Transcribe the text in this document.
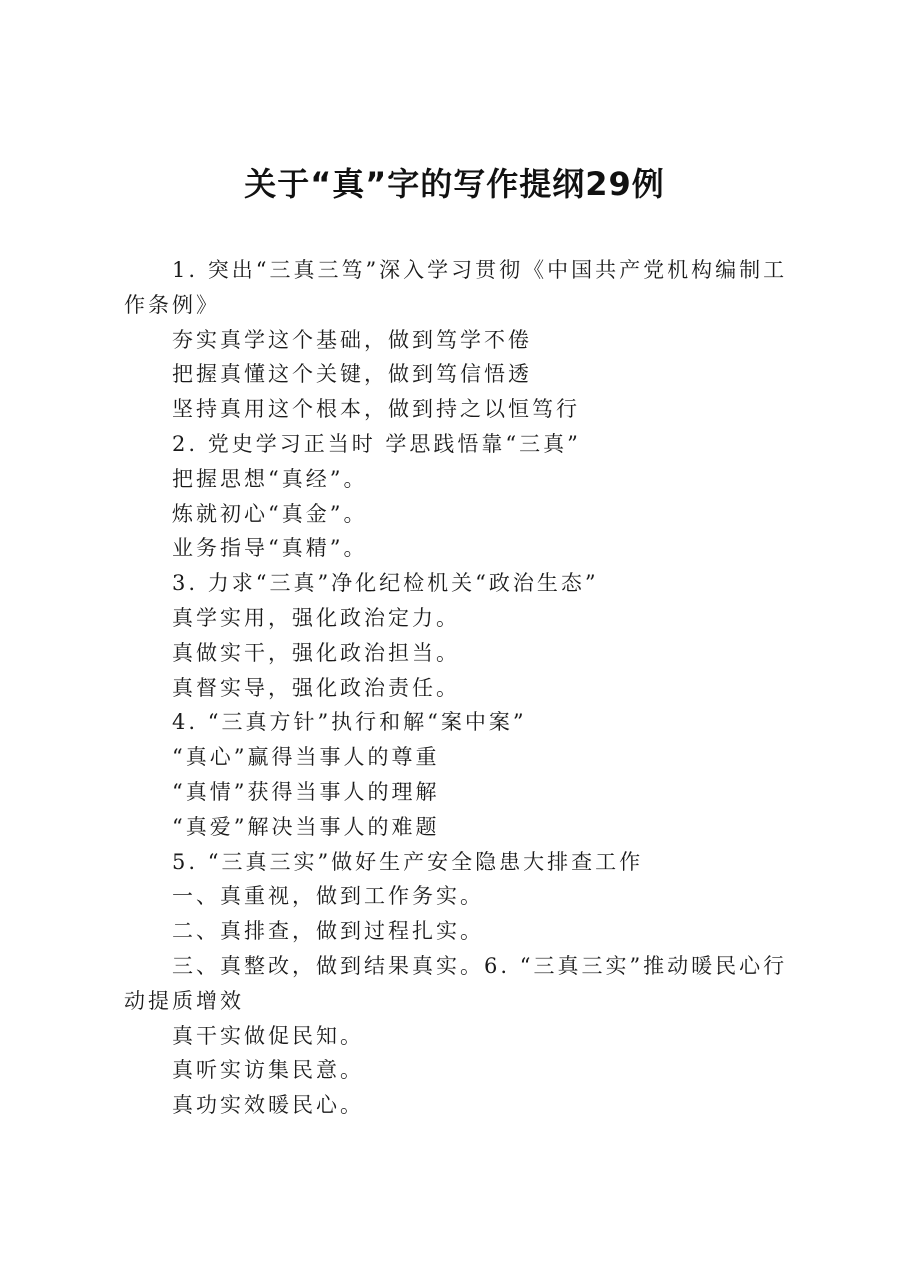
关于“真”字的写作提纲29例

1. 突出“三真三笃”深入学习贯彻《中国共产党机构编制工作条例》

夯实真学这个基础，做到笃学不倦

把握真懂这个关键，做到笃信悟透

坚持真用这个根本，做到持之以恒笃行

2. 党史学习正当时 学思践悟靠“三真”

把握思想“真经”。

炼就初心“真金”。

业务指导“真精”。

3. 力求“三真”净化纪检机关“政治生态”

真学实用，强化政治定力。

真做实干，强化政治担当。

真督实导，强化政治责任。

4. “三真方针”执行和解“案中案”

“真心”赢得当事人的尊重

“真情”获得当事人的理解

“真爱”解决当事人的难题

5. “三真三实”做好生产安全隐患大排查工作

一、真重视，做到工作务实。

二、真排查，做到过程扎实。

三、真整改，做到结果真实。6. “三真三实”推动暖民心行动提质增效

真干实做促民知。

真听实访集民意。

真功实效暖民心。
